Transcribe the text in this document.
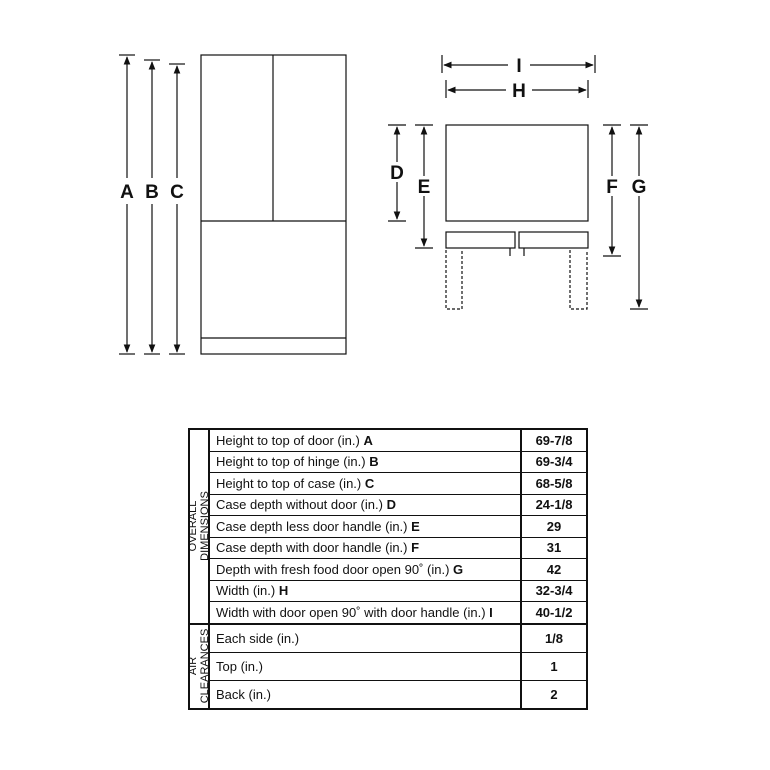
A B C
I
H
D
E	F G
OVERALL DIMENSIONS	Height to top of door (in.) A	69-7/8
	Height to top of hinge (in.) B	69-3/4
	Height to top of case (in.) C	68-5/8
	Case depth without door (in.) D	24-1/8
	Case depth less door handle (in.) E	29
	Case depth with door handle (in.) F	31
	Depth with fresh food door open 90˚ (in.) G	42
	Width (in.) H	32-3/4
	Width with door open 90˚ with door handle (in.) I	40-1/2

AIR CLEARANCES	Each side (in.)	1/8
	Top (in.)	1
	Back (in.)	2
